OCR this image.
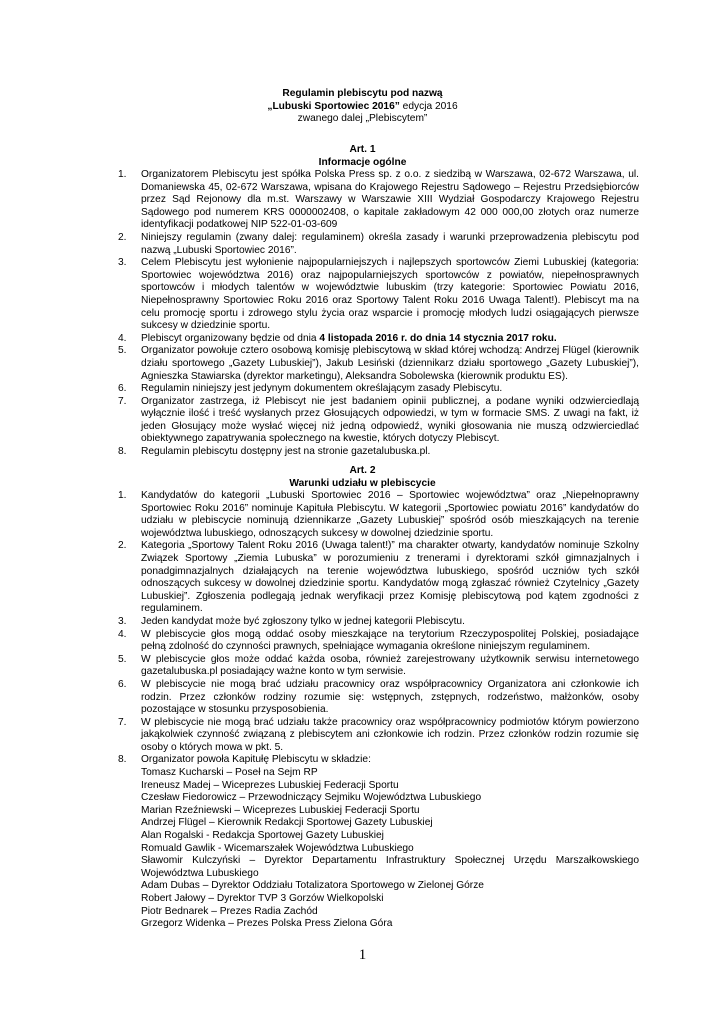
Regulamin plebiscytu pod nazwą
„Lubuski Sportowiec 2016” edycja 2016
zwanego dalej „Plebiscytem”
Art. 1
Informacje ogólne
1. Organizatorem Plebiscytu jest spółka Polska Press sp. z o.o. z siedzibą w Warszawa, 02-672 Warszawa, ul. Domaniewska 45, 02-672 Warszawa, wpisana do Krajowego Rejestru Sądowego – Rejestru Przedsiębiorców przez Sąd Rejonowy dla m.st. Warszawy w Warszawie XIII Wydział Gospodarczy Krajowego Rejestru Sądowego pod numerem KRS 0000002408, o kapitale zakładowym 42 000 000,00 złotych oraz numerze identyfikacji podatkowej NIP 522-01-03-609
2. Niniejszy regulamin (zwany dalej: regulaminem) określa zasady i warunki przeprowadzenia plebiscytu pod nazwą „Lubuski Sportowiec 2016”.
3. Celem Plebiscytu jest wyłonienie najpopularniejszych i najlepszych sportowców Ziemi Lubuskiej (kategoria: Sportowiec województwa 2016) oraz najpopularniejszych sportowców z powiatów, niepełnosprawnych sportowców i młodych talentów w województwie lubuskim (trzy kategorie: Sportowiec Powiatu 2016, Niepełnosprawny Sportowiec Roku 2016 oraz Sportowy Talent Roku 2016 Uwaga Talent!). Plebiscyt ma na celu promocję sportu i zdrowego stylu życia oraz wsparcie i promocję młodych ludzi osiągających pierwsze sukcesy w dziedzinie sportu.
4. Plebiscyt organizowany będzie od dnia 4 listopada 2016 r. do dnia 14 stycznia 2017 roku.
5. Organizator powołuje cztero osobową komisję plebiscytową w skład której wchodzą: Andrzej Flügel (kierownik działu sportowego „Gazety Lubuskiej”), Jakub Lesiński (dziennikarz działu sportowego „Gazety Lubuskiej”), Agnieszka Stawiarska (dyrektor marketingu), Aleksandra Sobolewska (kierownik produktu ES).
6. Regulamin niniejszy jest jedynym dokumentem określającym zasady Plebiscytu.
7. Organizator zastrzega, iż Plebiscyt nie jest badaniem opinii publicznej, a podane wyniki odzwierciedlają wyłącznie ilość i treść wysłanych przez Głosujących odpowiedzi, w tym w formacie SMS. Z uwagi na fakt, iż jeden Głosujący może wysłać więcej niż jedną odpowiedź, wyniki głosowania nie muszą odzwierciedlać obiektywnego zapatrywania społecznego na kwestie, których dotyczy Plebiscyt.
8. Regulamin plebiscytu dostępny jest na stronie gazetalubuska.pl.
Art. 2
Warunki udziału w plebiscycie
1. Kandydatów do kategorii „Lubuski Sportowiec 2016 – Sportowiec województwa” oraz „Niepełnoprawny Sportowiec Roku 2016” nominuje Kapituła Plebiscytu. W kategorii „Sportowiec powiatu 2016” kandydatów do udziału w plebiscycie nominują dziennikarze „Gazety Lubuskiej” spośród osób mieszkających na terenie województwa lubuskiego, odnoszących sukcesy w dowolnej dziedzinie sportu.
2. Kategoria „Sportowy Talent Roku 2016 (Uwaga talent!)” ma charakter otwarty, kandydatów nominuje Szkolny Związek Sportowy „Ziemia Lubuska” w porozumieniu z trenerami i dyrektorami szkół gimnazjalnych i ponadgimnazjalnych działających na terenie województwa lubuskiego, spośród uczniów tych szkół odnoszących sukcesy w dowolnej dziedzinie sportu. Kandydatów mogą zgłaszać również Czytelnicy „Gazety Lubuskiej”. Zgłoszenia podlegają jednak weryfikacji przez Komisję plebiscytową pod kątem zgodności z regulaminem.
3. Jeden kandydat może być zgłoszony tylko w jednej kategorii Plebiscytu.
4. W plebiscycie głos mogą oddać osoby mieszkające na terytorium Rzeczypospolitej Polskiej, posiadające pełną zdolność do czynności prawnych, spełniające wymagania określone niniejszym regulaminem.
5. W plebiscycie głos może oddać każda osoba, również zarejestrowany użytkownik serwisu internetowego gazetalubuska.pl posiadający ważne konto w tym serwisie.
6. W plebiscycie nie mogą brać udziału pracownicy oraz współpracownicy Organizatora ani członkowie ich rodzin. Przez członków rodziny rozumie się: wstępnych, zstępnych, rodzeństwo, małżonków, osoby pozostające w stosunku przysposobienia.
7. W plebiscycie nie mogą brać udziału także pracownicy oraz współpracownicy podmiotów którym powierzono jakąkolwiek czynność związaną z plebiscytem ani członkowie ich rodzin. Przez członków rodzin rozumie się osoby o których mowa w pkt. 5.
8. Organizator powoła Kapitułę Plebiscytu w składzie:
Tomasz Kucharski – Poseł na Sejm RP
Ireneusz Madej – Wiceprezes Lubuskiej Federacji Sportu
Czesław Fiedorowicz – Przewodniczący Sejmiku Województwa Lubuskiego
Marian Rzeźniewski – Wiceprezes Lubuskiej Federacji Sportu
Andrzej Flügel – Kierownik Redakcji Sportowej Gazety Lubuskiej
Alan Rogalski - Redakcja Sportowej Gazety Lubuskiej
Romuald Gawlik - Wicemarszałek Województwa Lubuskiego
Sławomir Kulczyński – Dyrektor Departamentu Infrastruktury Społecznej Urzędu Marszałkowskiego Województwa Lubuskiego
Adam Dubas – Dyrektor Oddziału Totalizatora Sportowego w Zielonej Górze
Robert Jałowy – Dyrektor TVP 3 Gorzów Wielkopolski
Piotr Bednarek – Prezes Radia Zachód
Grzegorz Widenka – Prezes Polska Press Zielona Góra
1
